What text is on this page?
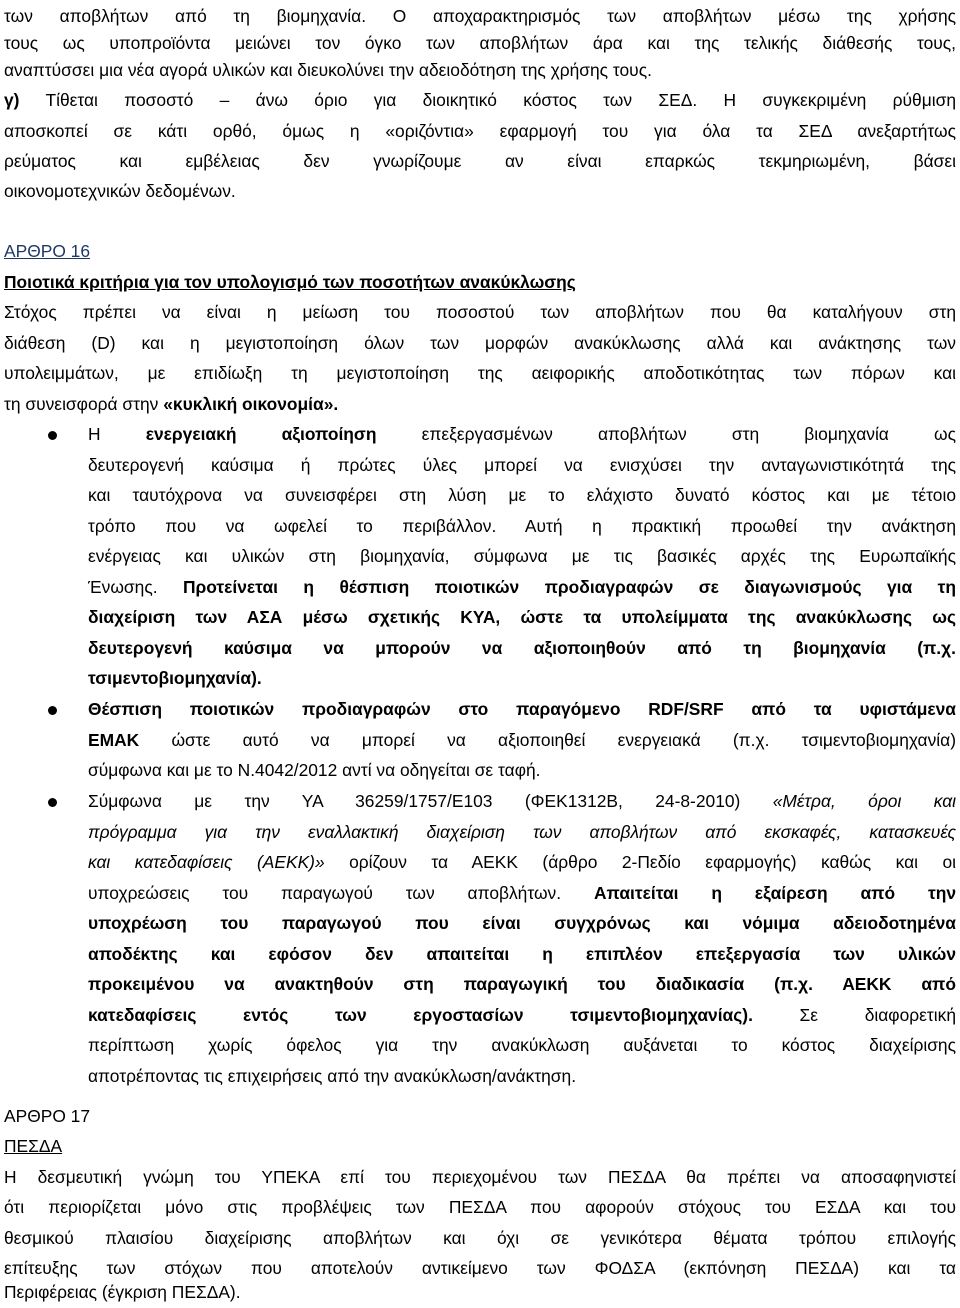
των αποβλήτων από τη βιομηχανία. Ο αποχαρακτηρισμός των αποβλήτων μέσω της χρήσης

τους ως υποπροϊόντα μειώνει τον όγκο των αποβλήτων άρα και της τελικής διάθεσής τους,

αναπτύσσει μια νέα αγορά υλικών και διευκολύνει την αδειοδότηση της χρήσης τους.

γ) Τίθεται ποσοστό – άνω όριο για διοικητικό κόστος των ΣΕΔ. Η συγκεκριμένη ρύθμιση

αποσκοπεί σε κάτι ορθό, όμως η «οριζόντια» εφαρμογή του για όλα τα ΣΕΔ ανεξαρτήτως

ρεύματος και εμβέλειας δεν γνωρίζουμε αν είναι επαρκώς τεκμηριωμένη, βάσει

οικονομοτεχνικών δεδομένων.

ΑΡΘΡΟ 16

Ποιοτικά κριτήρια για τον υπολογισμό των ποσοτήτων ανακύκλωσης

Στόχος πρέπει να είναι η μείωση του ποσοστού των αποβλήτων που θα καταλήγουν στη

διάθεση (D) και η μεγιστοποίηση όλων των μορφών ανακύκλωσης αλλά και ανάκτησης των

υπολειμμάτων, με επιδίωξη τη μεγιστοποίηση της αειφορικής αποδοτικότητας των πόρων και

τη συνεισφορά στην «κυκλική οικονομία».

Η ενεργειακή αξιοποίηση επεξεργασμένων αποβλήτων στη βιομηχανία ως

δευτερογενή καύσιμα ή πρώτες ύλες μπορεί να ενισχύσει την ανταγωνιστικότητά της

και ταυτόχρονα να συνεισφέρει στη λύση με το ελάχιστο δυνατό κόστος και με τέτοιο

τρόπο που να ωφελεί το περιβάλλον. Αυτή η πρακτική προωθεί την ανάκτηση

ενέργειας και υλικών στη βιομηχανία, σύμφωνα με τις βασικές αρχές της Ευρωπαϊκής

Ένωσης. Προτείνεται η θέσπιση ποιοτικών προδιαγραφών σε διαγωνισμούς για τη

διαχείριση των ΑΣΑ μέσω σχετικής ΚΥΑ, ώστε τα υπολείμματα της ανακύκλωσης ως

δευτερογενή καύσιμα να μπορούν να αξιοποιηθούν από τη βιομηχανία (π.χ.

τσιμεντοβιομηχανία).

Θέσπιση ποιοτικών προδιαγραφών στο παραγόμενο RDF/SRF από τα υφιστάμενα

ΕΜΑΚ ώστε αυτό να μπορεί να αξιοποιηθεί ενεργειακά (π.χ. τσιμεντοβιομηχανία)

σύμφωνα και με το Ν.4042/2012 αντί να οδηγείται σε ταφή.

Σύμφωνα με την ΥΑ 36259/1757/Ε103 (ΦΕΚ1312Β, 24-8-2010) «Μέτρα, όροι και

πρόγραμμα για την εναλλακτική διαχείριση των αποβλήτων από εκσκαφές, κατασκευές

και κατεδαφίσεις (ΑΕΚΚ)» ορίζουν τα ΑΕΚΚ (άρθρο 2-Πεδίο εφαρμογής) καθώς και οι

υποχρεώσεις του παραγωγού των αποβλήτων. Απαιτείται η εξαίρεση από την

υποχρέωση του παραγωγού που είναι συγχρόνως και νόμιμα αδειοδοτημένα

αποδέκτης και εφόσον δεν απαιτείται η επιπλέον επεξεργασία των υλικών

προκειμένου να ανακτηθούν στη παραγωγική του διαδικασία (π.χ. ΑΕΚΚ από

κατεδαφίσεις εντός των εργοστασίων τσιμεντοβιομηχανίας). Σε διαφορετική

περίπτωση χωρίς όφελος για την ανακύκλωση αυξάνεται το κόστος διαχείρισης

αποτρέποντας τις επιχειρήσεις από την ανακύκλωση/ανάκτηση.

ΑΡΘΡΟ 17

ΠΕΣΔΑ

Η δεσμευτική γνώμη του ΥΠΕΚΑ επί του περιεχομένου των ΠΕΣΔΑ θα πρέπει να αποσαφηνιστεί

ότι περιορίζεται μόνο στις προβλέψεις των ΠΕΣΔΑ που αφορούν στόχους του ΕΣΔΑ και του

θεσμικού πλαισίου διαχείρισης αποβλήτων και όχι σε γενικότερα θέματα τρόπου επιλογής

επίτευξης των στόχων που αποτελούν αντικείμενο των ΦΟΔΣΑ (εκπόνηση ΠΕΣΔΑ) και τα

Περιφέρειας (έγκριση ΠΕΣΔΑ).
